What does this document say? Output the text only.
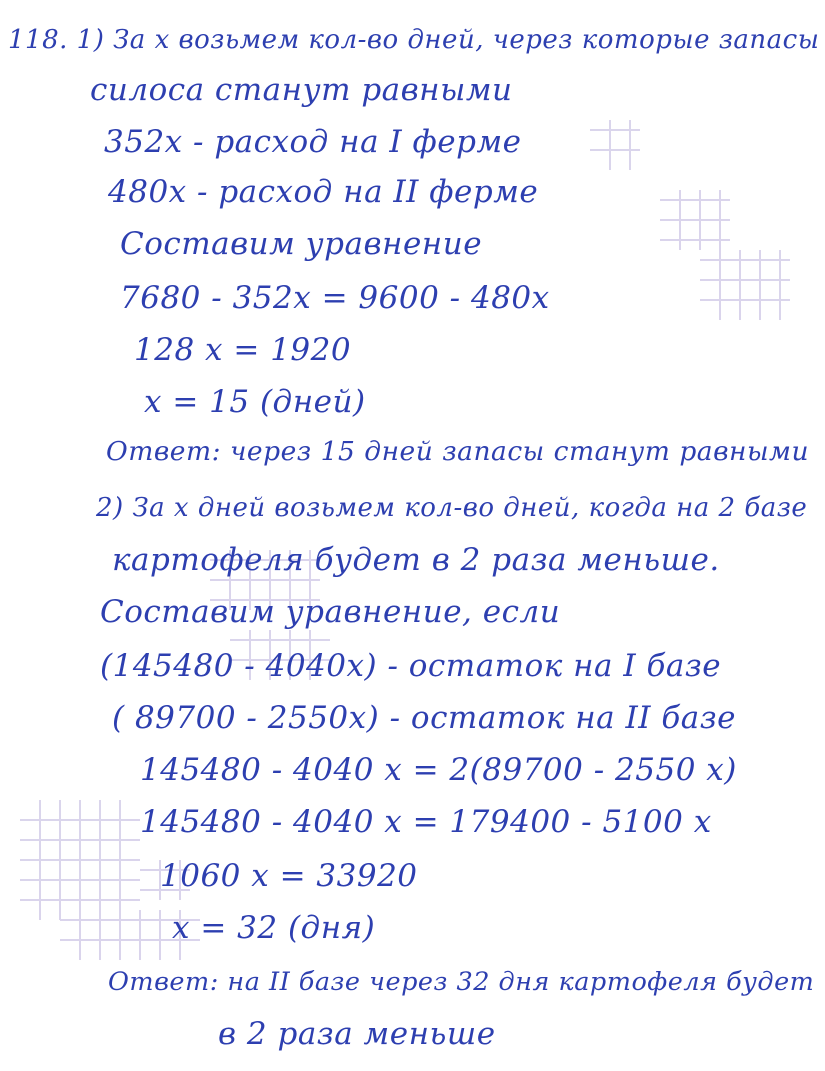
118. 1) За х возьмем кол-во дней, через которые запасы
силоса станут равными
352х - расход на I ферме
480х - расход на II ферме
Составим уравнение
7680 - 352х = 9600 - 480х
128 х = 1920
х = 15 (дней)
Ответ: через 15 дней запасы станут равными
2) За х дней возьмем кол-во дней, когда на 2 базе
картофеля будет в 2 раза меньше.
Составим уравнение, если
(145480 - 4040х) - остаток на I базе
( 89700 - 2550х) - остаток на II базе
145480 - 4040 х = 2(89700 - 2550 х)
145480 - 4040 х = 179400 - 5100 х
1060 х = 33920
х = 32 (дня)
Ответ: на II базе через 32 дня картофеля будет
в 2 раза меньше
